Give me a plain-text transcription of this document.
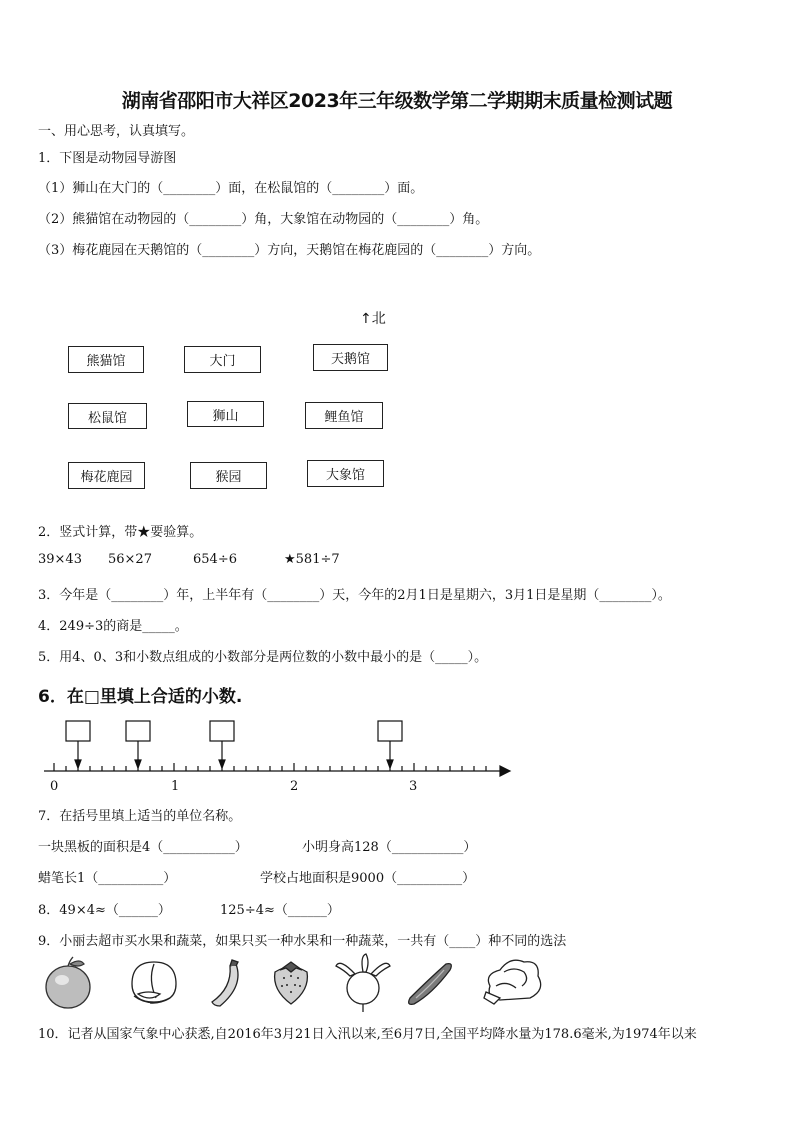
湖南省邵阳市大祥区2023年三年级数学第二学期期末质量检测试题
一、用心思考，认真填写。
1．下图是动物园导游图
（1）狮山在大门的（________）面，在松鼠馆的（________）面。
（2）熊猫馆在动物园的（________）角，大象馆在动物园的（________）角。
（3）梅花鹿园在天鹅馆的（________）方向，天鹅馆在梅花鹿园的（________）方向。
↑北
熊猫馆	大门	天鹅馆
松鼠馆	狮山	鲤鱼馆
梅花鹿园	猴园	大象馆
2．竖式计算，带★要验算。
39×43 56×27	654÷6	★581÷7
3．今年是（________）年，上半年有（________）天，今年的2月1日是星期六，3月1日是星期（________）。
4．249÷3的商是_____。
5．用4、0、3和小数点组成的小数部分是两位数的小数中最小的是（_____）。
6．在□里填上合适的小数.
0	1	2	3
7．在括号里填上适当的单位名称。
一块黑板的面积是4（___________）	小明身高128（___________）
蜡笔长1（__________）	学校占地面积是9000（__________）
8．49×4≈（______）	125÷4≈（______）
9．小丽去超市买水果和蔬菜，如果只买一种水果和一种蔬菜，一共有（____）种不同的选法
10．记者从国家气象中心获悉,自2016年3月21日入汛以来,至6月7日,全国平均降水量为178.6毫米,为1974年以来
